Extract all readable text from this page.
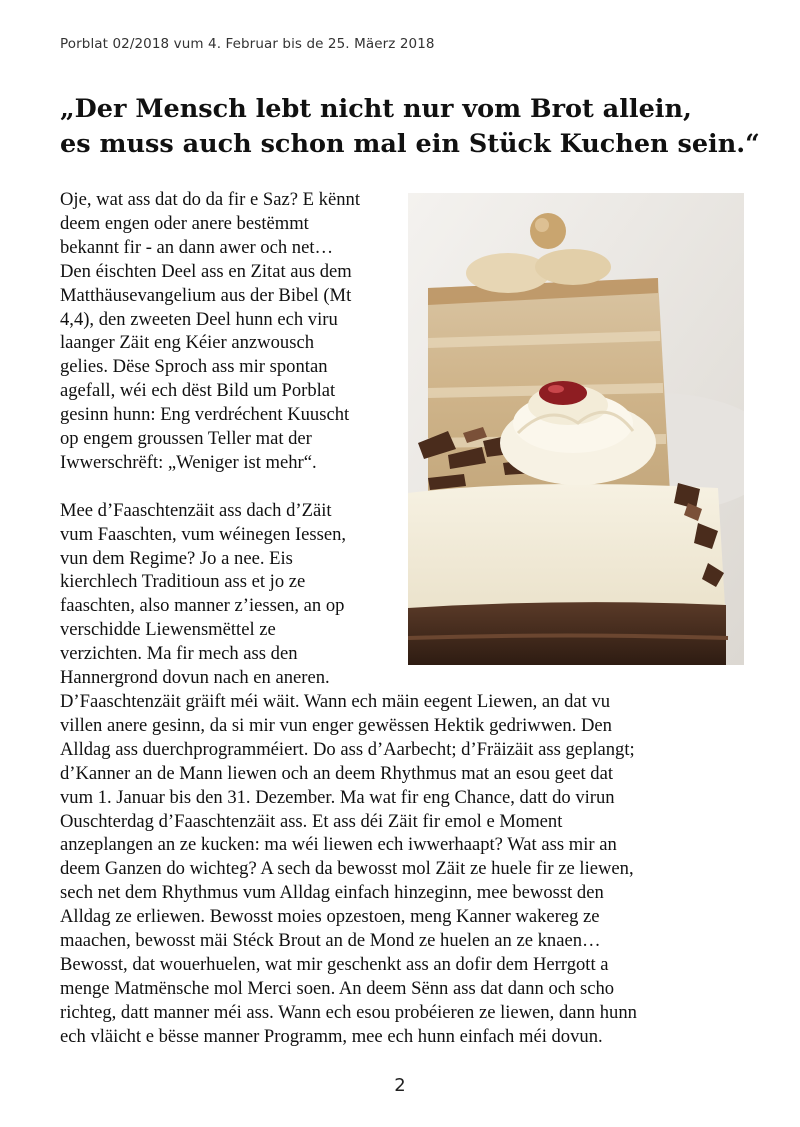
Porblat 02/2018 vum 4. Februar bis de 25. Mäerz 2018
„Der Mensch lebt nicht nur vom Brot allein,
es muss auch schon mal ein Stück Kuchen sein.“

Oje, wat ass dat do da fir e Saz? E kënnt
deem engen oder anere bestëmmt
bekannt fir - an dann awer och net…
Den éischten Deel ass en Zitat aus dem
Matthäusevangelium aus der Bibel (Mt
4,4), den zweeten Deel hunn ech viru
laanger Zäit eng Kéier anzwousch
gelies. Dëse Sproch ass mir spontan
agefall, wéi ech dëst Bild um Porblat
gesinn hunn: Eng verdréchent Kuuscht
op engem groussen Teller mat der
Iwwerschrëft: „Weniger ist mehr“.

Mee d’Faaschtenzäit ass dach d’Zäit
vum Faaschten, vum wéinegen Iessen,
vun dem Regime? Jo a nee. Eis
kierchlech Traditioun ass et jo ze
faaschten, also manner z’iessen, an op
verschidde Liewensmëttel ze
verzichten. Ma fir mech ass den
Hannergrond dovun nach en aneren.

D’Faaschtenzäit gräift méi wäit. Wann ech mäin eegent Liewen, an dat vu
villen anere gesinn, da si mir vun enger gewëssen Hektik gedriwwen. Den
Alldag ass duerchprogramméiert. Do ass d’Aarbecht; d’Fräizäit ass geplangt;
d’Kanner an de Mann liewen och an deem Rhythmus mat an esou geet dat
vum 1. Januar bis den 31. Dezember. Ma wat fir eng Chance, datt do virun
Ouschterdag d’Faaschtenzäit ass. Et ass déi Zäit fir emol e Moment
anzeplangen an ze kucken: ma wéi liewen ech iwwerhaapt? Wat ass mir an
deem Ganzen do wichteg? A sech da bewosst mol Zäit ze huele fir ze liewen,
sech net dem Rhythmus vum Alldag einfach hinzeginn, mee bewosst den
Alldag ze erliewen. Bewosst moies opzestoen, meng Kanner wakereg ze
maachen, bewosst mäi Stéck Brout an de Mond ze huelen an ze knaen…
Bewosst, dat wouerhuelen, wat mir geschenkt ass an dofir dem Herrgott a
menge Matmënsche mol Merci soen. An deem Sënn ass dat dann och scho
richteg, datt manner méi ass. Wann ech esou probéieren ze liewen, dann hunn
ech vläicht e bësse manner Programm, mee ech hunn einfach méi dovun.
2
